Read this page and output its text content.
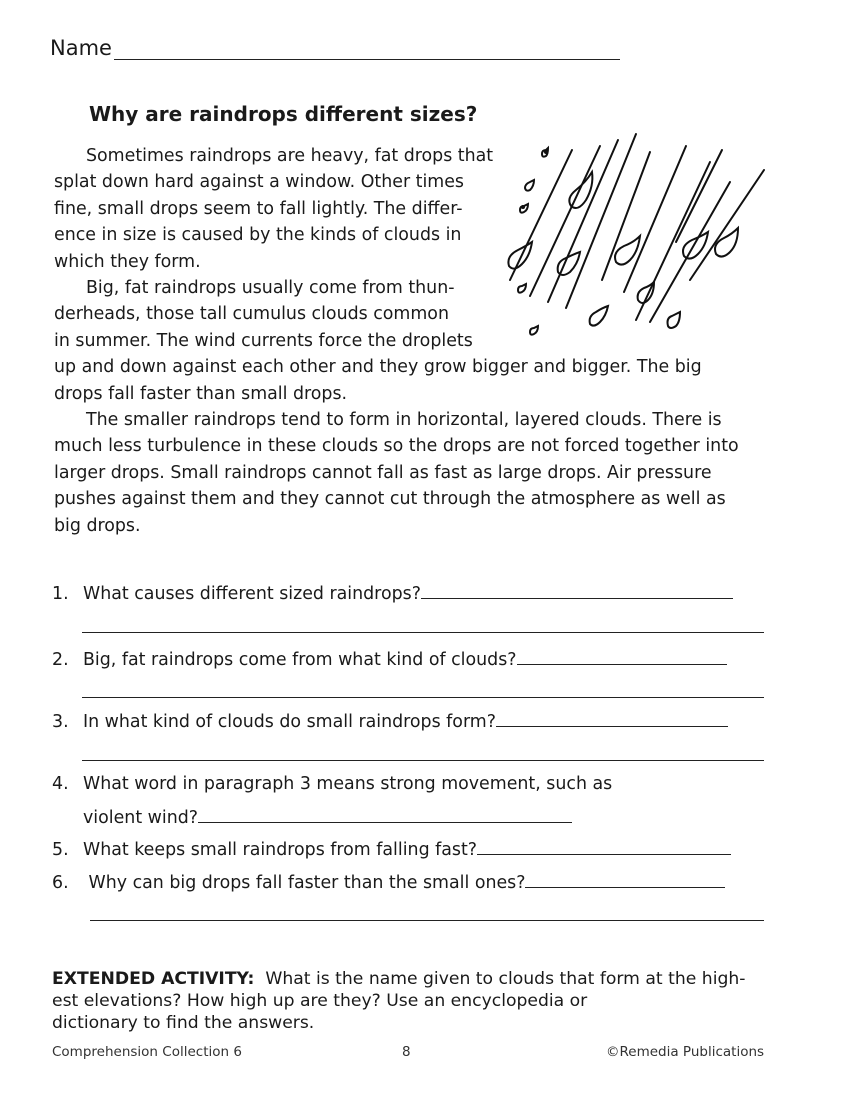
Name
Why are raindrops different sizes?
Sometimes raindrops are heavy, fat drops that
splat down hard against a window. Other times
fine, small drops seem to fall lightly. The differ-
ence in size is caused by the kinds of clouds in
which they form.
Big, fat raindrops usually come from thun-
derheads, those tall cumulus clouds common
in summer. The wind currents force the droplets
up and down against each other and they grow bigger and bigger. The big
drops fall faster than small drops.
The smaller raindrops tend to form in horizontal, layered clouds. There is
much less turbulence in these clouds so the drops are not forced together into
larger drops. Small raindrops cannot fall as fast as large drops. Air pressure
pushes against them and they cannot cut through the atmosphere as well as
big drops.
1. What causes different sized raindrops?
2. Big, fat raindrops come from what kind of clouds?
3. In what kind of clouds do small raindrops form?
4. What word in paragraph 3 means strong movement, such as
violent wind?
5. What keeps small raindrops from falling fast?
6. Why can big drops fall faster than the small ones?
EXTENDED ACTIVITY: What is the name given to clouds that form at the high-
est elevations? How high up are they? Use an encyclopedia or
dictionary to find the answers.
Comprehension Collection 6	8	©Remedia Publications
